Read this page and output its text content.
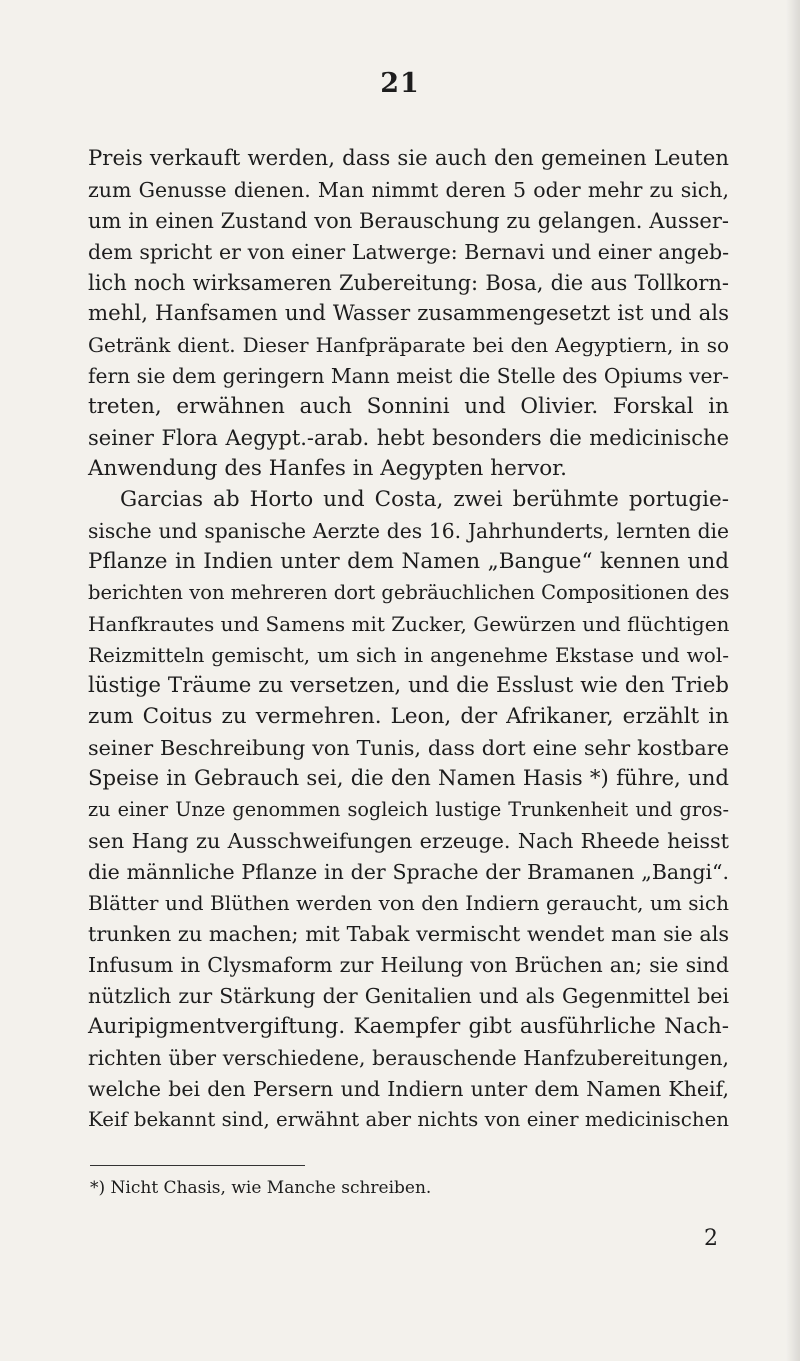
21

Preis verkauft werden, dass sie auch den gemeinen Leuten

zum Genusse dienen. Man nimmt deren 5 oder mehr zu sich,

um in einen Zustand von Berauschung zu gelangen. Ausser-

dem spricht er von einer Latwerge: Bernavi und einer angeb-

lich noch wirksameren Zubereitung: Bosa, die aus Tollkorn-

mehl, Hanfsamen und Wasser zusammengesetzt ist und als

Getränk dient. Dieser Hanfpräparate bei den Aegyptiern, in so

fern sie dem geringern Mann meist die Stelle des Opiums ver-

treten, erwähnen auch Sonnini und Olivier. Forskal in

seiner Flora Aegypt.-arab. hebt besonders die medicinische

Anwendung des Hanfes in Aegypten hervor.

Garcias ab Horto und Costa, zwei berühmte portugie-

sische und spanische Aerzte des 16. Jahrhunderts, lernten die

Pflanze in Indien unter dem Namen „Bangue“ kennen und

berichten von mehreren dort gebräuchlichen Compositionen des

Hanfkrautes und Samens mit Zucker, Gewürzen und flüchtigen

Reizmitteln gemischt, um sich in angenehme Ekstase und wol-

lüstige Träume zu versetzen, und die Esslust wie den Trieb

zum Coitus zu vermehren. Leon, der Afrikaner, erzählt in

seiner Beschreibung von Tunis, dass dort eine sehr kostbare

Speise in Gebrauch sei, die den Namen Hasis *) führe, und

zu einer Unze genommen sogleich lustige Trunkenheit und gros-

sen Hang zu Ausschweifungen erzeuge. Nach Rheede heisst

die männliche Pflanze in der Sprache der Bramanen „Bangi“.

Blätter und Blüthen werden von den Indiern geraucht, um sich

trunken zu machen; mit Tabak vermischt wendet man sie als

Infusum in Clysmaform zur Heilung von Brüchen an; sie sind

nützlich zur Stärkung der Genitalien und als Gegenmittel bei

Auripigmentvergiftung. Kaempfer gibt ausführliche Nach-

richten über verschiedene, berauschende Hanfzubereitungen,

welche bei den Persern und Indiern unter dem Namen Kheif,

Keif bekannt sind, erwähnt aber nichts von einer medicinischen

*) Nicht Chasis, wie Manche schreiben.
2
